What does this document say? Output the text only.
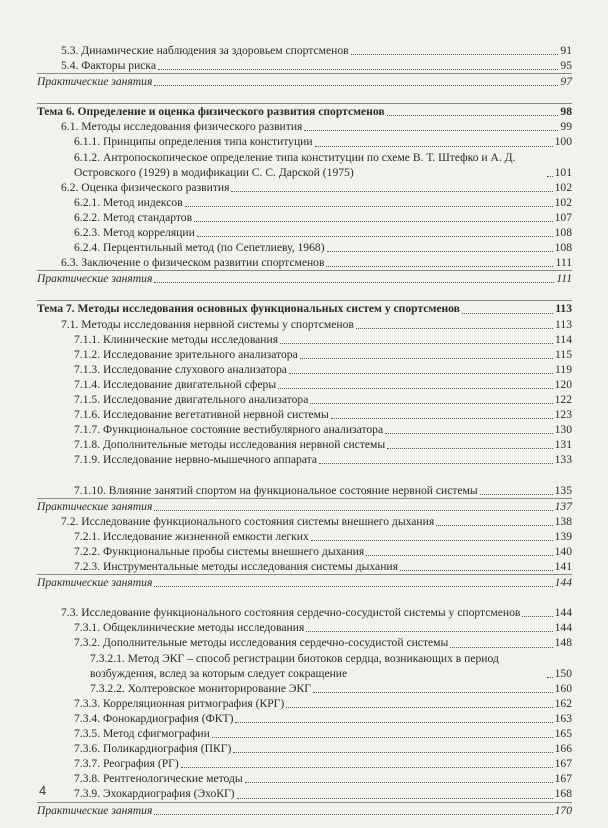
5.3. Динамические наблюдения за здоровьем спортсменов	91
5.4. Факторы риска	95
Практические занятия	97
Тема 6. Определение и оценка физического развития спортсменов	98
6.1. Методы исследования физического развития	99
6.1.1. Принципы определения типа конституции	100
6.1.2. Антропоскопическое определение типа конституции по схеме В. Т. Штефко и А. Д. Островского (1929) в модификации С. С. Дарской (1975)	101
6.2. Оценка физического развития	102
6.2.1. Метод индексов	102
6.2.2. Метод стандартов	107
6.2.3. Метод корреляции	108
6.2.4. Перцентильный метод (по Сепетлиеву, 1968)	108
6.3. Заключение о физическом развитии спортсменов	111
Практические занятия	111
Тема 7. Методы исследования основных функциональных систем у спортсменов	113
7.1. Методы исследования нервной системы у спортсменов	113
7.1.1. Клинические методы исследования	114
7.1.2. Исследование зрительного анализатора	115
7.1.3. Исследование слухового анализатора	119
7.1.4. Исследование двигательной сферы	120
7.1.5. Исследование двигательного анализатора	122
7.1.6. Исследование вегетативной нервной системы	123
7.1.7. Функциональное состояние вестибулярного анализатора	130
7.1.8. Дополнительные методы исследования нервной системы	131
7.1.9. Исследование нервно-мышечного аппарата	133
7.1.10. Влияние занятий спортом на функциональное состояние нервной системы	135
Практические занятия	137
7.2. Исследование функционального состояния системы внешнего дыхания	138
7.2.1. Исследование жизненной емкости легких	139
7.2.2. Функциональные пробы системы внешнего дыхания	140
7.2.3. Инструментальные методы исследования системы дыхания	141
Практические занятия	144
7.3. Исследование функционального состояния сердечно-сосудистой системы у спортсменов	144
7.3.1. Общеклинические методы исследования	144
7.3.2. Дополнительные методы исследования сердечно-сосудистой системы	148
7.3.2.1. Метод ЭКГ – способ регистрации биотоков сердца, возникающих в период возбуждения, вслед за которым следует сокращение	150
7.3.2.2. Холтеровское мониторирование ЭКГ	160
7.3.3. Корреляционная ритмография (КРГ)	162
7.3.4. Фонокардиография (ФКТ)	163
7.3.5. Метод сфигмографии	165
7.3.6. Поликардиография (ПКГ)	166
7.3.7. Реография (РГ)	167
7.3.8. Рентгенологические методы	167
7.3.9. Эхокардиография (ЭхоКГ)	168
Практические занятия	170
4
